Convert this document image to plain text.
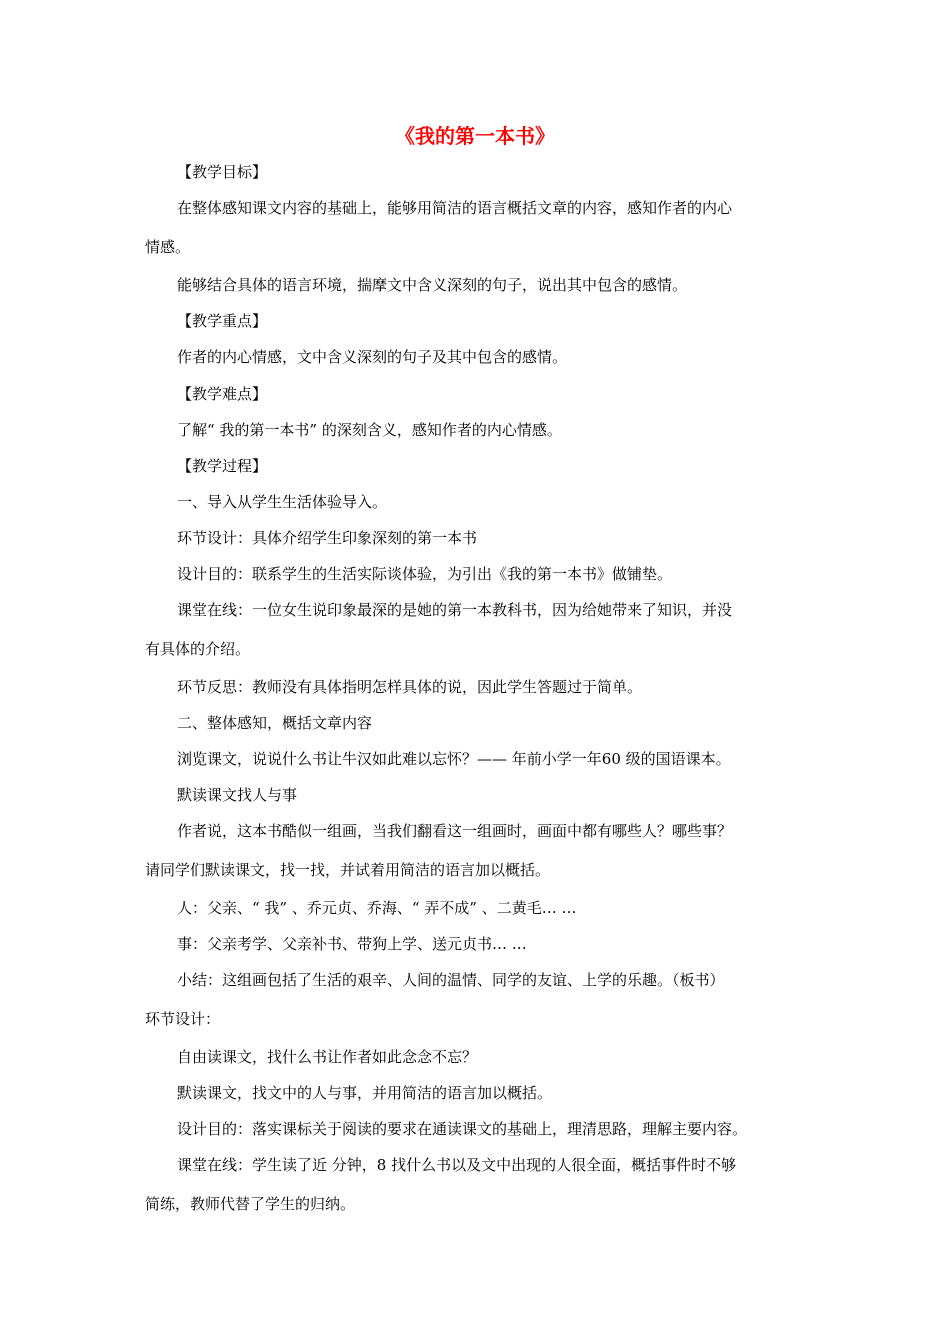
《我的第一本书》
【教学目标】
在整体感知课文内容的基础上，能够用简洁的语言概括文章的内容，感知作者的内心
情感。
能够结合具体的语言环境，揣摩文中含义深刻的句子，说出其中包含的感情。
【教学重点】
作者的内心情感，文中含义深刻的句子及其中包含的感情。
【教学难点】
了解“ 我的第一本书” 的深刻含义，感知作者的内心情感。
【教学过程】
一、导入从学生生活体验导入。
环节设计：具体介绍学生印象深刻的第一本书
设计目的：联系学生的生活实际谈体验，为引出《我的第一本书》做铺垫。
课堂在线：一位女生说印象最深的是她的第一本教科书，因为给她带来了知识，并没
有具体的介绍。
环节反思：教师没有具体指明怎样具体的说，因此学生答题过于简单。
二、整体感知，概括文章内容
浏览课文，说说什么书让牛汉如此难以忘怀？—— 年前小学一年60 级的国语课本。
默读课文找人与事
作者说，这本书酷似一组画，当我们翻看这一组画时，画面中都有哪些人？哪些事？
请同学们默读课文，找一找，并试着用简洁的语言加以概括。
人：父亲、“ 我” 、乔元贞、乔海、“ 弄不成” 、二黄毛… …
事：父亲考学、父亲补书、带狗上学、送元贞书… …
小结：这组画包括了生活的艰辛、人间的温情、同学的友谊、上学的乐趣。（板书）
环节设计：
自由读课文，找什么书让作者如此念念不忘？
默读课文，找文中的人与事，并用简洁的语言加以概括。
设计目的：落实课标关于阅读的要求在通读课文的基础上，理清思路，理解主要内容。
课堂在线：学生读了近 分钟，8 找什么书以及文中出现的人很全面，概括事件时不够
简练，教师代替了学生的归纳。
